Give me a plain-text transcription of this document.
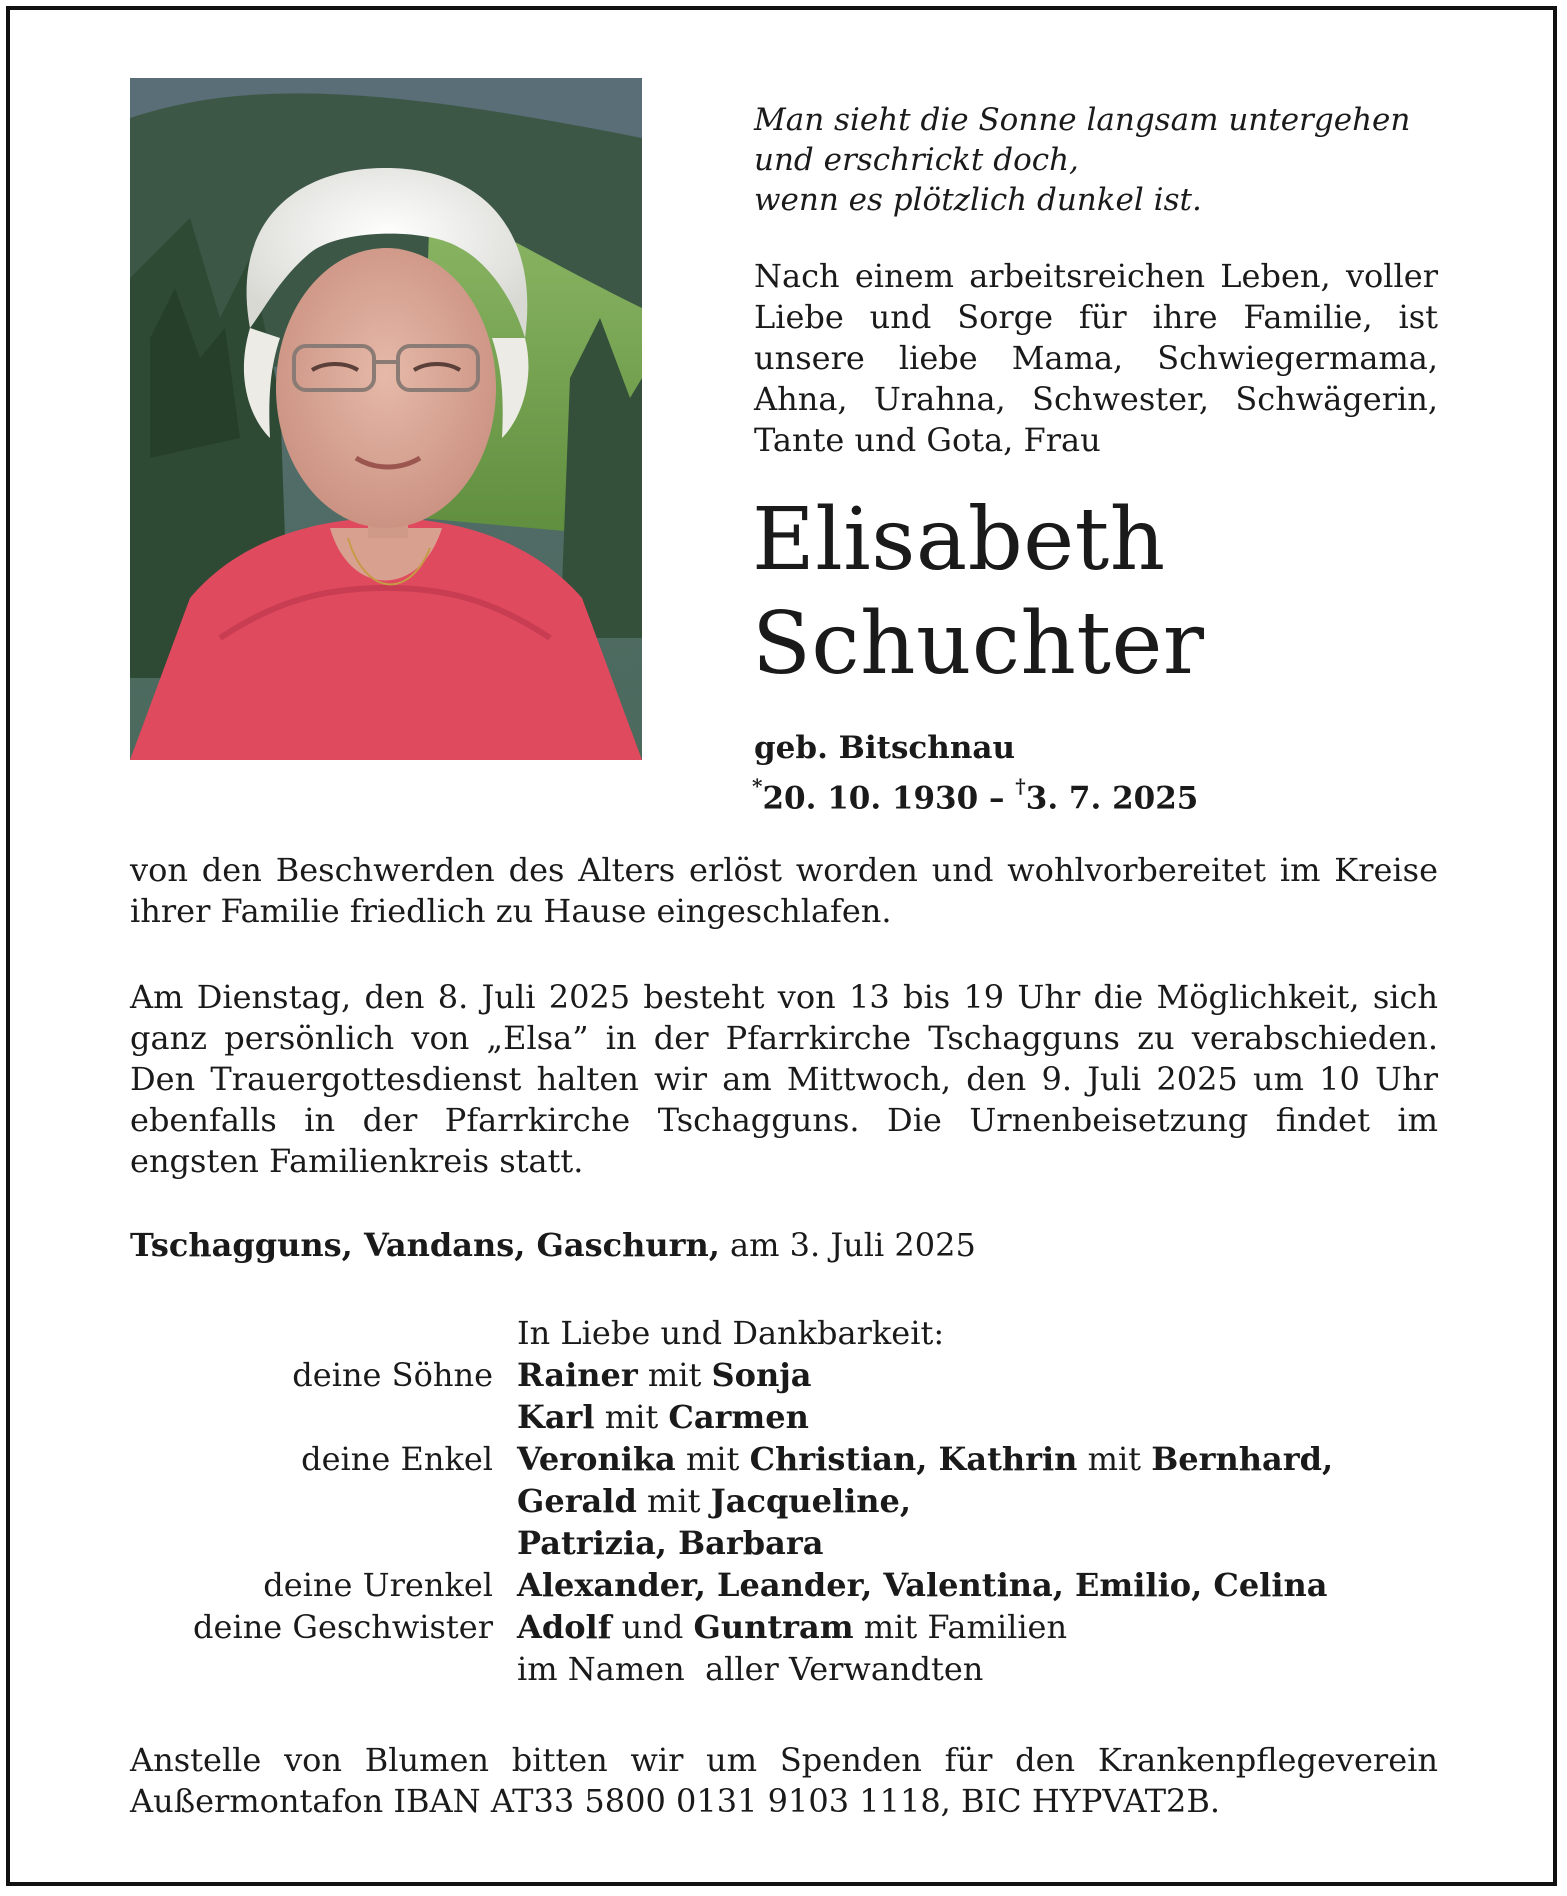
Man sieht die Sonne langsam untergehen
und erschrickt doch,
wenn es plötzlich dunkel ist.

Nach einem arbeitsreichen Leben, voller Liebe und Sorge für ihre Familie, ist unsere liebe Mama, Schwiegermama, Ahna, Urahna, Schwester, Schwägerin, Tante und Gota, Frau

Elisabeth
Schuchter
geb. Bitschnau
*20. 10. 1930 – †3. 7. 2025

von den Beschwerden des Alters erlöst worden und wohlvorbereitet im Kreise ihrer Familie friedlich zu Hause eingeschlafen.

Am Dienstag, den 8. Juli 2025 besteht von 13 bis 19 Uhr die Möglichkeit, sich ganz persönlich von „Elsa” in der Pfarrkirche Tschagguns zu verabschieden. Den Trauergottesdienst halten wir am Mittwoch, den 9. Juli 2025 um 10 Uhr ebenfalls in der Pfarrkirche Tschagguns. Die Urnenbeisetzung findet im engsten Familienkreis statt.

Tschagguns, Vandans, Gaschurn, am 3. Juli 2025

In Liebe und Dankbarkeit:
deine Söhne Rainer mit Sonja
Karl mit Carmen
deine Enkel Veronika mit Christian, Kathrin mit Bernhard,
Gerald mit Jacqueline,
Patrizia, Barbara
deine Urenkel Alexander, Leander, Valentina, Emilio, Celina
deine Geschwister Adolf und Guntram mit Familien
im Namen  aller Verwandten

Anstelle von Blumen bitten wir um Spenden für den Krankenpflegeverein Außermontafon IBAN AT33 5800 0131 9103 1118, BIC HYPVAT2B.
